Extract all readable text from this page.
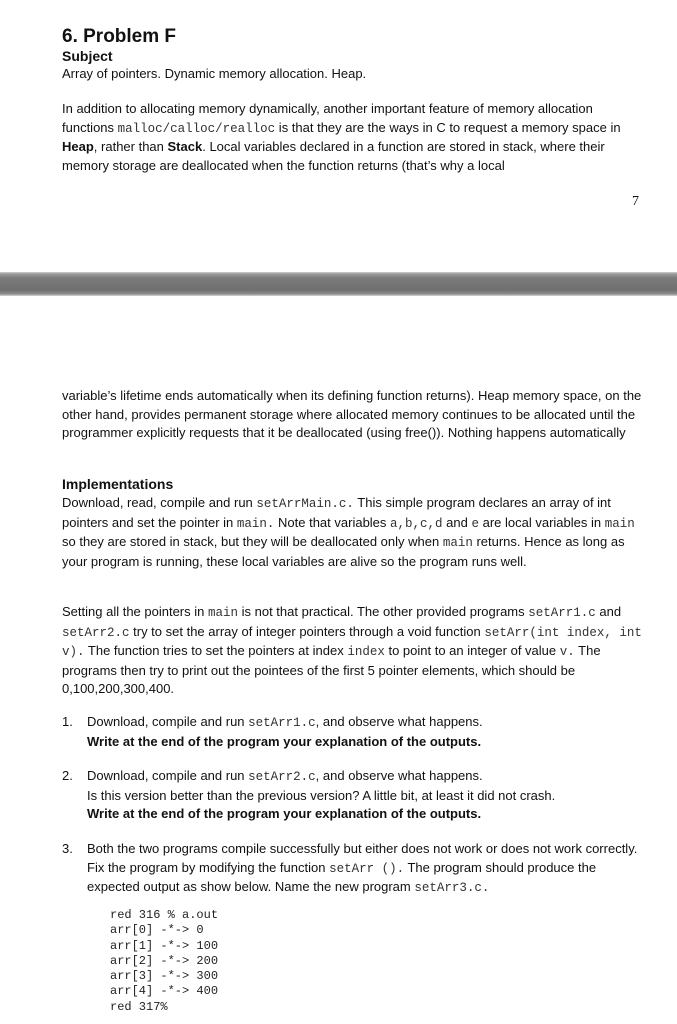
6. Problem F
Subject
Array of pointers. Dynamic memory allocation. Heap.
In addition to allocating memory dynamically, another important feature of memory allocation functions malloc/calloc/realloc is that they are the ways in C to request a memory space in Heap, rather than Stack. Local variables declared in a function are stored in stack, where their memory storage are deallocated when the function returns (that’s why a local
7
variable’s lifetime ends automatically when its defining function returns). Heap memory space, on the other hand, provides permanent storage where allocated memory continues to be allocated until the programmer explicitly requests that it be deallocated (using free()). Nothing happens automatically
Implementations
Download, read, compile and run setArrMain.c. This simple program declares an array of int pointers and set the pointer in main. Note that variables a,b,c,d and e are local variables in main so they are stored in stack, but they will be deallocated only when main returns. Hence as long as your program is running, these local variables are alive so the program runs well.
Setting all the pointers in main is not that practical. The other provided programs setArr1.c and setArr2.c try to set the array of integer pointers through a void function setArr(int index, int v). The function tries to set the pointers at index index to point to an integer of value v. The programs then try to print out the pointees of the first 5 pointer elements, which should be 0,100,200,300,400.
1. Download, compile and run setArr1.c, and observe what happens.
Write at the end of the program your explanation of the outputs.
2. Download, compile and run setArr2.c, and observe what happens.
Is this version better than the previous version? A little bit, at least it did not crash.
Write at the end of the program your explanation of the outputs.
3. Both the two programs compile successfully but either does not work or does not work correctly. Fix the program by modifying the function setArr (). The program should produce the expected output as show below. Name the new program setArr3.c.
red 316 % a.out
arr[0] -*-> 0
arr[1] -*-> 100
arr[2] -*-> 200
arr[3] -*-> 300
arr[4] -*-> 400
red 317%
